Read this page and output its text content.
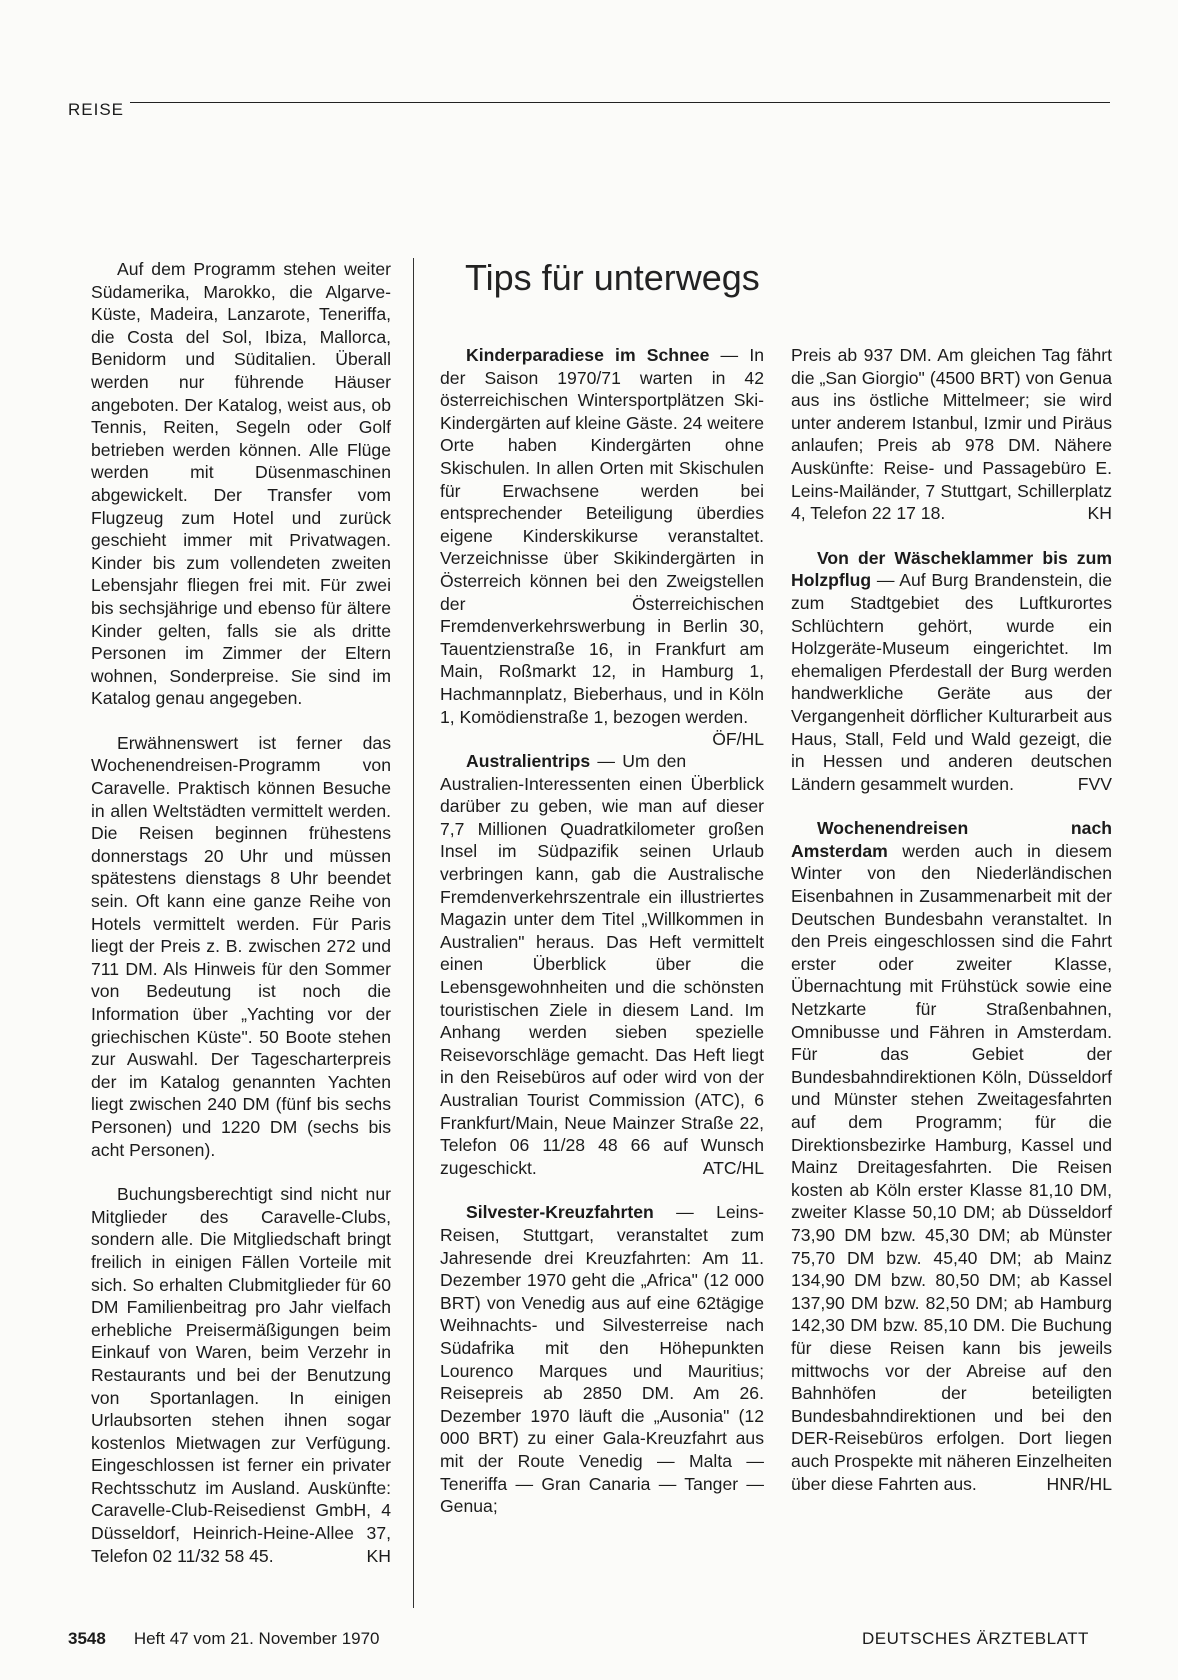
REISE

Auf dem Programm stehen weiter Südamerika, Marokko, die Algarve-Küste, Madeira, Lanzarote, Teneriffa, die Costa del Sol, Ibiza, Mallorca, Benidorm und Süditalien. Überall werden nur führende Häuser angeboten. Der Katalog, weist aus, ob Tennis, Reiten, Segeln oder Golf betrieben werden können. Alle Flüge werden mit Düsenmaschinen abgewickelt. Der Transfer vom Flugzeug zum Hotel und zurück geschieht immer mit Privatwagen. Kinder bis zum vollendeten zweiten Lebensjahr fliegen frei mit. Für zwei bis sechsjährige und ebenso für ältere Kinder gelten, falls sie als dritte Personen im Zimmer der Eltern wohnen, Sonderpreise. Sie sind im Katalog genau angegeben.

Erwähnenswert ist ferner das Wochenendreisen-Programm von Caravelle. Praktisch können Besuche in allen Weltstädten vermittelt werden. Die Reisen beginnen frühestens donnerstags 20 Uhr und müssen spätestens dienstags 8 Uhr beendet sein. Oft kann eine ganze Reihe von Hotels vermittelt werden. Für Paris liegt der Preis z. B. zwischen 272 und 711 DM. Als Hinweis für den Sommer von Bedeutung ist noch die Information über „Yachting vor der griechischen Küste". 50 Boote stehen zur Auswahl. Der Tagescharterpreis der im Katalog genannten Yachten liegt zwischen 240 DM (fünf bis sechs Personen) und 1220 DM (sechs bis acht Personen).

Buchungsberechtigt sind nicht nur Mitglieder des Caravelle-Clubs, sondern alle. Die Mitgliedschaft bringt freilich in einigen Fällen Vorteile mit sich. So erhalten Clubmitglieder für 60 DM Familienbeitrag pro Jahr vielfach erhebliche Preisermäßigungen beim Einkauf von Waren, beim Verzehr in Restaurants und bei der Benutzung von Sportanlagen. In einigen Urlaubsorten stehen ihnen sogar kostenlos Mietwagen zur Verfügung. Eingeschlossen ist ferner ein privater Rechtsschutz im Ausland. Auskünfte: Caravelle-Club-Reisedienst GmbH, 4 Düsseldorf, Heinrich-Heine-Allee 37, Telefon 02 11/32 58 45.	KH

Tips für unterwegs

Kinderparadiese im Schnee — In der Saison 1970/71 warten in 42 österreichischen Wintersportplätzen Ski-Kindergärten auf kleine Gäste. 24 weitere Orte haben Kindergärten ohne Skischulen. In allen Orten mit Skischulen für Erwachsene werden bei entsprechender Beteiligung überdies eigene Kinderskikurse veranstaltet. Verzeichnisse über Skikindergärten in Österreich können bei den Zweigstellen der Österreichischen Fremdenverkehrswerbung in Berlin 30, Tauentzienstraße 16, in Frankfurt am Main, Roßmarkt 12, in Hamburg 1, Hachmannplatz, Bieberhaus, und in Köln 1, Komödienstraße 1, bezogen werden.
ÖF/HL

Australientrips — Um den Australien-Interessenten einen Überblick darüber zu geben, wie man auf dieser 7,7 Millionen Quadratkilometer großen Insel im Südpazifik seinen Urlaub verbringen kann, gab die Australische Fremdenverkehrszentrale ein illustriertes Magazin unter dem Titel „Willkommen in Australien" heraus. Das Heft vermittelt einen Überblick über die Lebensgewohnheiten und die schönsten touristischen Ziele in diesem Land. Im Anhang werden sieben spezielle Reisevorschläge gemacht. Das Heft liegt in den Reisebüros auf oder wird von der Australian Tourist Commission (ATC), 6 Frankfurt/Main, Neue Mainzer Straße 22, Telefon 06 11/28 48 66 auf Wunsch zugeschickt.	ATC/HL

Silvester-Kreuzfahrten — Leins-Reisen, Stuttgart, veranstaltet zum Jahresende drei Kreuzfahrten: Am 11. Dezember 1970 geht die „Africa" (12 000 BRT) von Venedig aus auf eine 62tägige Weihnachts- und Silvesterreise nach Südafrika mit den Höhepunkten Lourenco Marques und Mauritius; Reisepreis ab 2850 DM. Am 26. Dezember 1970 läuft die „Ausonia" (12 000 BRT) zu einer Gala-Kreuzfahrt aus mit der Route Venedig — Malta — Teneriffa — Gran Canaria — Tanger — Genua;

Preis ab 937 DM. Am gleichen Tag fährt die „San Giorgio" (4500 BRT) von Genua aus ins östliche Mittelmeer; sie wird unter anderem Istanbul, Izmir und Piräus anlaufen; Preis ab 978 DM. Nähere Auskünfte: Reise- und Passagebüro E. Leins-Mailänder, 7 Stuttgart, Schillerplatz 4, Telefon 22 17 18.	KH

Von der Wäscheklammer bis zum Holzpflug — Auf Burg Brandenstein, die zum Stadtgebiet des Luftkurortes Schlüchtern gehört, wurde ein Holzgeräte-Museum eingerichtet. Im ehemaligen Pferdestall der Burg werden handwerkliche Geräte aus der Vergangenheit dörflicher Kulturarbeit aus Haus, Stall, Feld und Wald gezeigt, die in Hessen und anderen deutschen Ländern gesammelt wurden.	FVV

Wochenendreisen nach Amsterdam werden auch in diesem Winter von den Niederländischen Eisenbahnen in Zusammenarbeit mit der Deutschen Bundesbahn veranstaltet. In den Preis eingeschlossen sind die Fahrt erster oder zweiter Klasse, Übernachtung mit Frühstück sowie eine Netzkarte für Straßenbahnen, Omnibusse und Fähren in Amsterdam. Für das Gebiet der Bundesbahndirektionen Köln, Düsseldorf und Münster stehen Zweitagesfahrten auf dem Programm; für die Direktionsbezirke Hamburg, Kassel und Mainz Dreitagesfahrten. Die Reisen kosten ab Köln erster Klasse 81,10 DM, zweiter Klasse 50,10 DM; ab Düsseldorf 73,90 DM bzw. 45,30 DM; ab Münster 75,70 DM bzw. 45,40 DM; ab Mainz 134,90 DM bzw. 80,50 DM; ab Kassel 137,90 DM bzw. 82,50 DM; ab Hamburg 142,30 DM bzw. 85,10 DM. Die Buchung für diese Reisen kann bis jeweils mittwochs vor der Abreise auf den Bahnhöfen der beteiligten Bundesbahndirektionen und bei den DER-Reisebüros erfolgen. Dort liegen auch Prospekte mit näheren Einzelheiten über diese Fahrten aus.	HNR/HL

3548 Heft 47 vom 21. November 1970	DEUTSCHES ÄRZTEBLATT
